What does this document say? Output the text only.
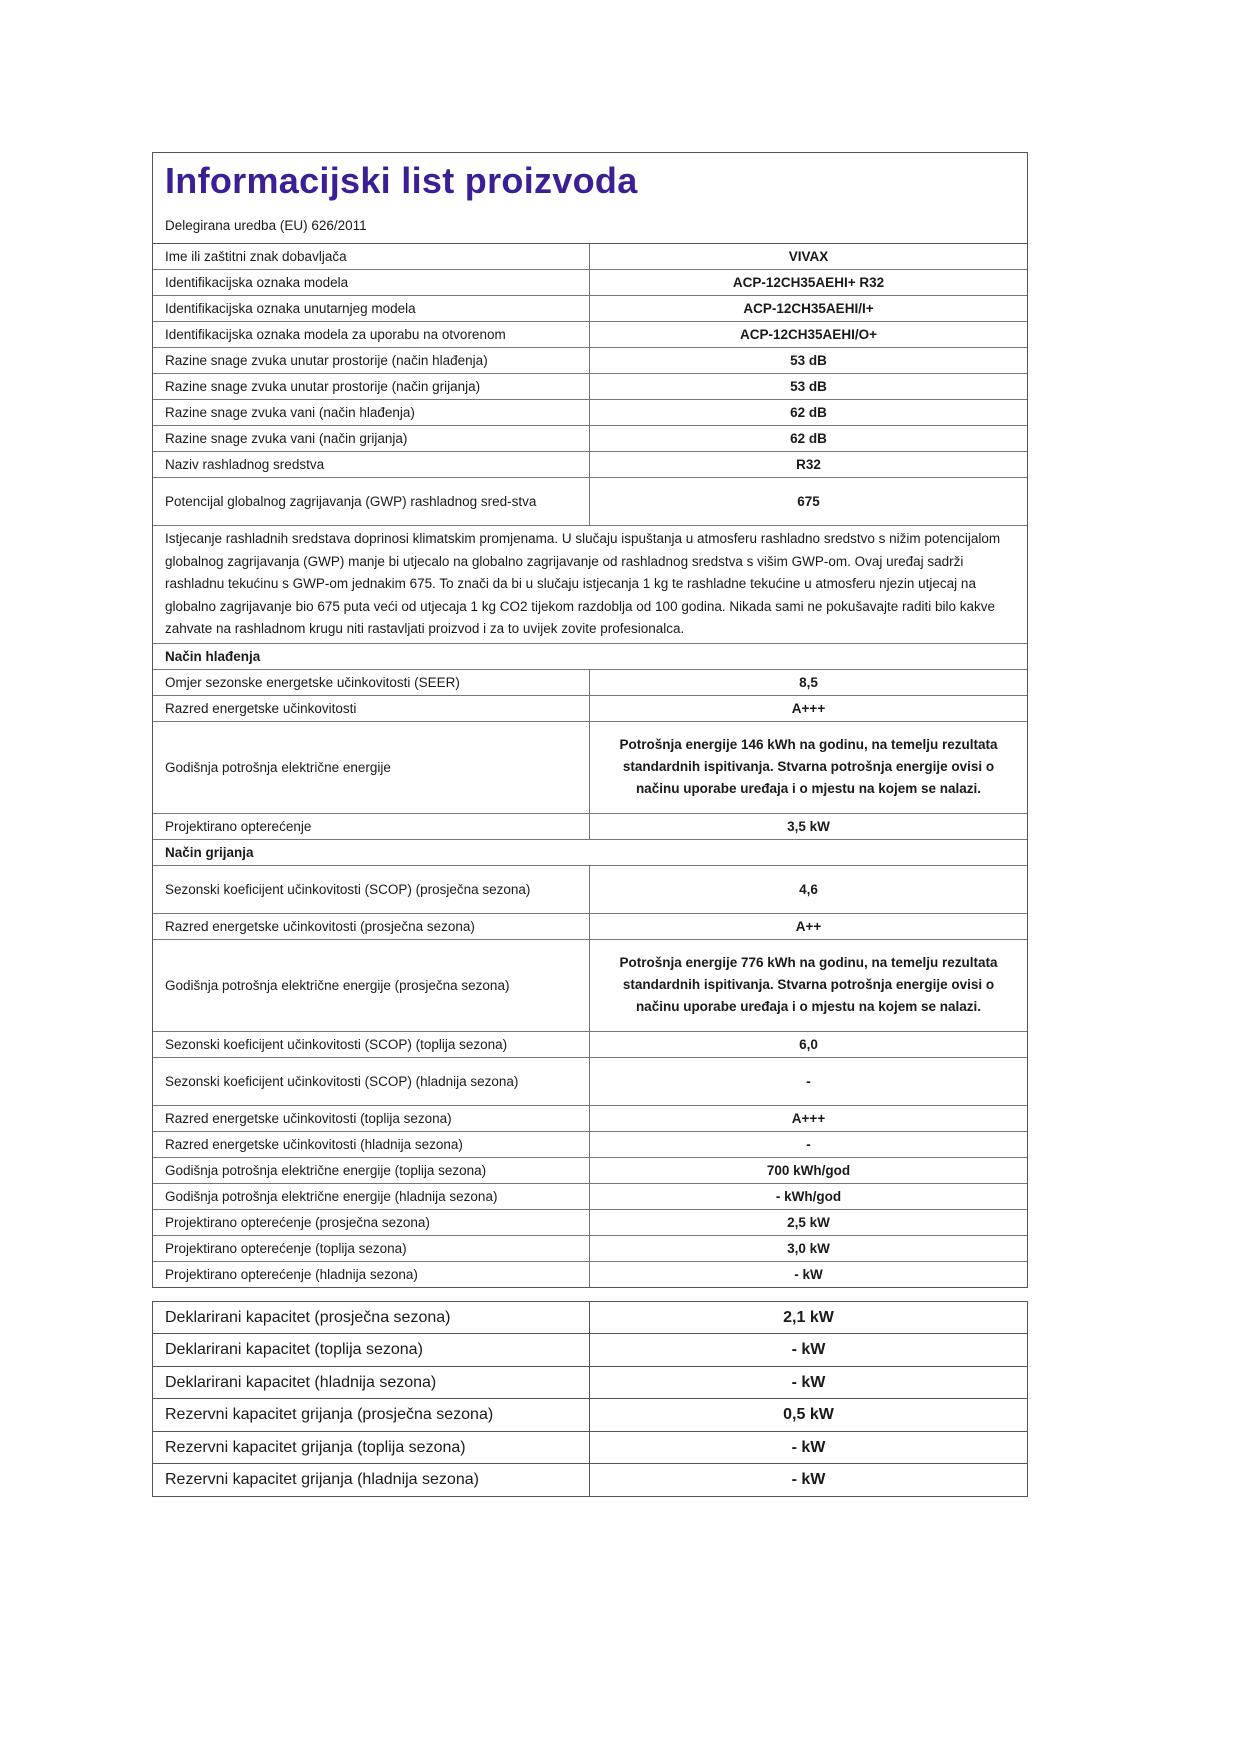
Informacijski list proizvoda
Delegirana uredba (EU) 626/2011
Ime ili zaštitni znak dobavljača	VIVAX
Identifikacijska oznaka modela	ACP-12CH35AEHI+ R32
Identifikacijska oznaka unutarnjeg modela	ACP-12CH35AEHI/I+
Identifikacijska oznaka modela za uporabu na otvorenom	ACP-12CH35AEHI/O+
Razine snage zvuka unutar prostorije (način hlađenja)	53 dB
Razine snage zvuka unutar prostorije (način grijanja)	53 dB
Razine snage zvuka vani (način hlađenja)	62 dB
Razine snage zvuka vani (način grijanja)	62 dB
Naziv rashladnog sredstva	R32
Potencijal globalnog zagrijavanja (GWP) rashladnog sred-stva	675
Istjecanje rashladnih sredstava doprinosi klimatskim promjenama. U slučaju ispuštanja u atmosferu rashladno sredstvo s nižim potencijalom globalnog zagrijavanja (GWP) manje bi utjecalo na globalno zagrijavanje od rashladnog sredstva s višim GWP-om. Ovaj uređaj sadrži rashladnu tekućinu s GWP-om jednakim 675. To znači da bi u slučaju istjecanja 1 kg te rashladne tekućine u atmosferu njezin utjecaj na globalno zagrijavanje bio 675 puta veći od utjecaja 1 kg CO2 tijekom razdoblja od 100 godina. Nikada sami ne pokušavajte raditi bilo kakve zahvate na rashladnom krugu niti rastavljati proizvod i za to uvijek zovite profesionalca.	
Način hlađenja	
Omjer sezonske energetske učinkovitosti (SEER)	8,5
Razred energetske učinkovitosti	A+++
Godišnja potrošnja električne energije	Potrošnja energije 146 kWh na godinu, na temelju rezultata standardnih ispitivanja. Stvarna potrošnja energije ovisi o načinu uporabe uređaja i o mjestu na kojem se nalazi.
Projektirano opterećenje	3,5 kW
Način grijanja	
Sezonski koeficijent učinkovitosti (SCOP) (prosječna sezona)	4,6
Razred energetske učinkovitosti (prosječna sezona)	A++
Godišnja potrošnja električne energije (prosječna sezona)	Potrošnja energije 776 kWh na godinu, na temelju rezultata standardnih ispitivanja. Stvarna potrošnja energije ovisi o načinu uporabe uređaja i o mjestu na kojem se nalazi.
Sezonski koeficijent učinkovitosti (SCOP) (toplija sezona)	6,0
Sezonski koeficijent učinkovitosti (SCOP) (hladnija sezona)	-
Razred energetske učinkovitosti (toplija sezona)	A+++
Razred energetske učinkovitosti (hladnija sezona)	-
Godišnja potrošnja električne energije (toplija sezona)	700 kWh/god
Godišnja potrošnja električne energije (hladnija sezona)	- kWh/god
Projektirano opterećenje (prosječna sezona)	2,5 kW
Projektirano opterećenje (toplija sezona)	3,0 kW
Projektirano opterećenje (hladnija sezona)	- kW
Deklarirani kapacitet (prosječna sezona)	2,1 kW
Deklarirani kapacitet (toplija sezona)	- kW
Deklarirani kapacitet (hladnija sezona)	- kW
Rezervni kapacitet grijanja (prosječna sezona)	0,5 kW
Rezervni kapacitet grijanja (toplija sezona)	- kW
Rezervni kapacitet grijanja (hladnija sezona)	- kW
